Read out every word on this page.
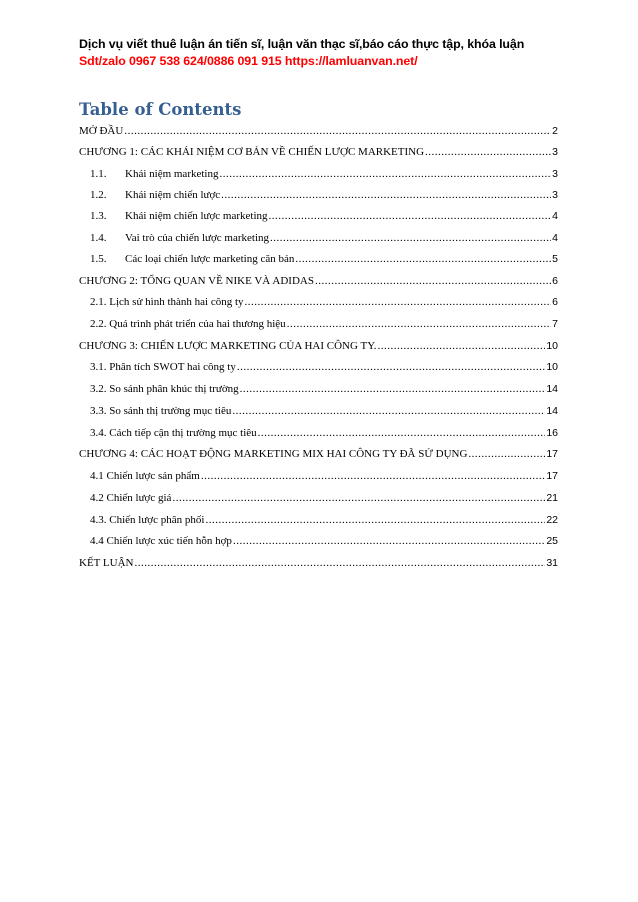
Dịch vụ viết thuê luận án tiến sĩ, luận văn thạc sĩ,báo cáo thực tập, khóa luận
Sdt/zalo 0967 538 624/0886 091 915 https://lamluanvan.net/
Table of Contents
MỞ ĐẦU .....	2
CHƯƠNG 1: CÁC KHÁI NIỆM CƠ BẢN VỀ CHIẾN LƯỢC MARKETING .....	3
1.1.	Khái niệm marketing .....	3
1.2.	Khái niệm chiến lược .....	3
1.3.	Khái niệm chiến lược marketing .....	4
1.4.	Vai trò của chiến lược marketing .....	4
1.5.	Các loại chiến lược marketing căn bản .....	5
CHƯƠNG 2: TỔNG QUAN VỀ NIKE VÀ ADIDAS .....	6
2.1. Lịch sử hình thành hai công ty .....	6
2.2. Quá trình phát triển của hai thương hiệu .....	7
CHƯƠNG 3: CHIẾN LƯỢC MARKETING CỦA HAI CÔNG TY. .....	10
3.1. Phân tích SWOT hai công ty .....	10
3.2. So sánh phân khúc thị trường .....	14
3.3. So sánh thị trường mục tiêu .....	14
3.4. Cách tiếp cận thị trường mục tiêu .....	16
CHƯƠNG 4: CÁC HOẠT ĐỘNG MARKETING MIX HAI CÔNG TY ĐÃ SỬ DỤNG .....	17
4.1 Chiến lược sản phẩm .....	17
4.2 Chiến lược giá .....	21
4.3. Chiến lược phân phối .....	22
4.4 Chiến lược xúc tiến hỗn hợp .....	25
KẾT LUẬN .....	31
